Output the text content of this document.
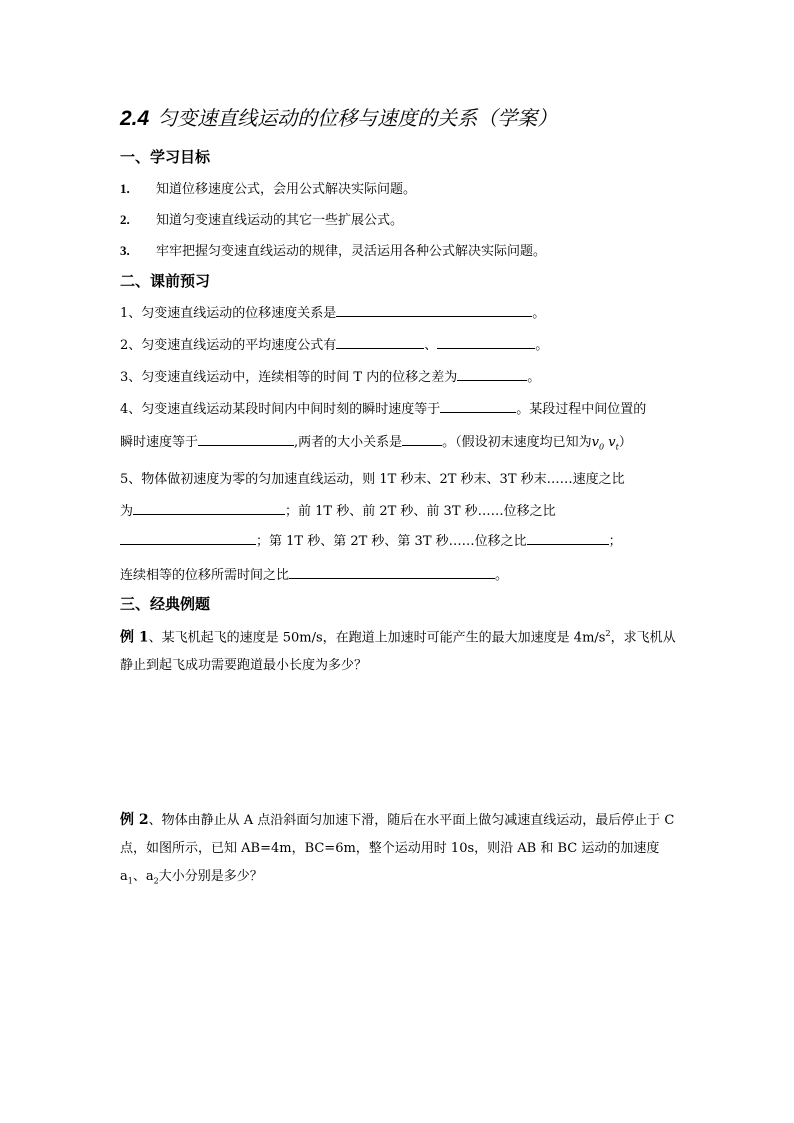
2.4 匀变速直线运动的位移与速度的关系（学案）
一、学习目标
1. 知道位移速度公式，会用公式解决实际问题。
2. 知道匀变速直线运动的其它一些扩展公式。
3. 牢牢把握匀变速直线运动的规律，灵活运用各种公式解决实际问题。
二、课前预习
1、匀变速直线运动的位移速度关系是	。
2、匀变速直线运动的平均速度公式有	、	。
3、匀变速直线运动中，连续相等的时间 T 内的位移之差为	。
4、匀变速直线运动某段时间内中间时刻的瞬时速度等于	。某段过程中间位置的
瞬时速度等于	,两者的大小关系是	。（假设初末速度均已知为$v_0$ $v_t$）
5、物体做初速度为零的匀加速直线运动，则 1T 秒末、2T 秒末、3T 秒末……速度之比
为	；前 1T 秒、前 2T 秒、前 3T 秒……位移之比
；第 1T 秒、第 2T 秒、第 3T 秒……位移之比	；
连续相等的位移所需时间之比	。
三、经典例题
例 1、某飞机起飞的速度是 50m/s，在跑道上加速时可能产生的最大加速度是 $4m/s^2$，求飞机从静止到起飞成功需要跑道最小长度为多少？
例 2、物体由静止从 A 点沿斜面匀加速下滑，随后在水平面上做匀减速直线运动，最后停止于 C 点，如图所示，已知 AB=4m，BC=6m，整个运动用时 10s，则沿 AB 和 BC 运动的加速度 $a_1$、$a_2$大小分别是多少？
